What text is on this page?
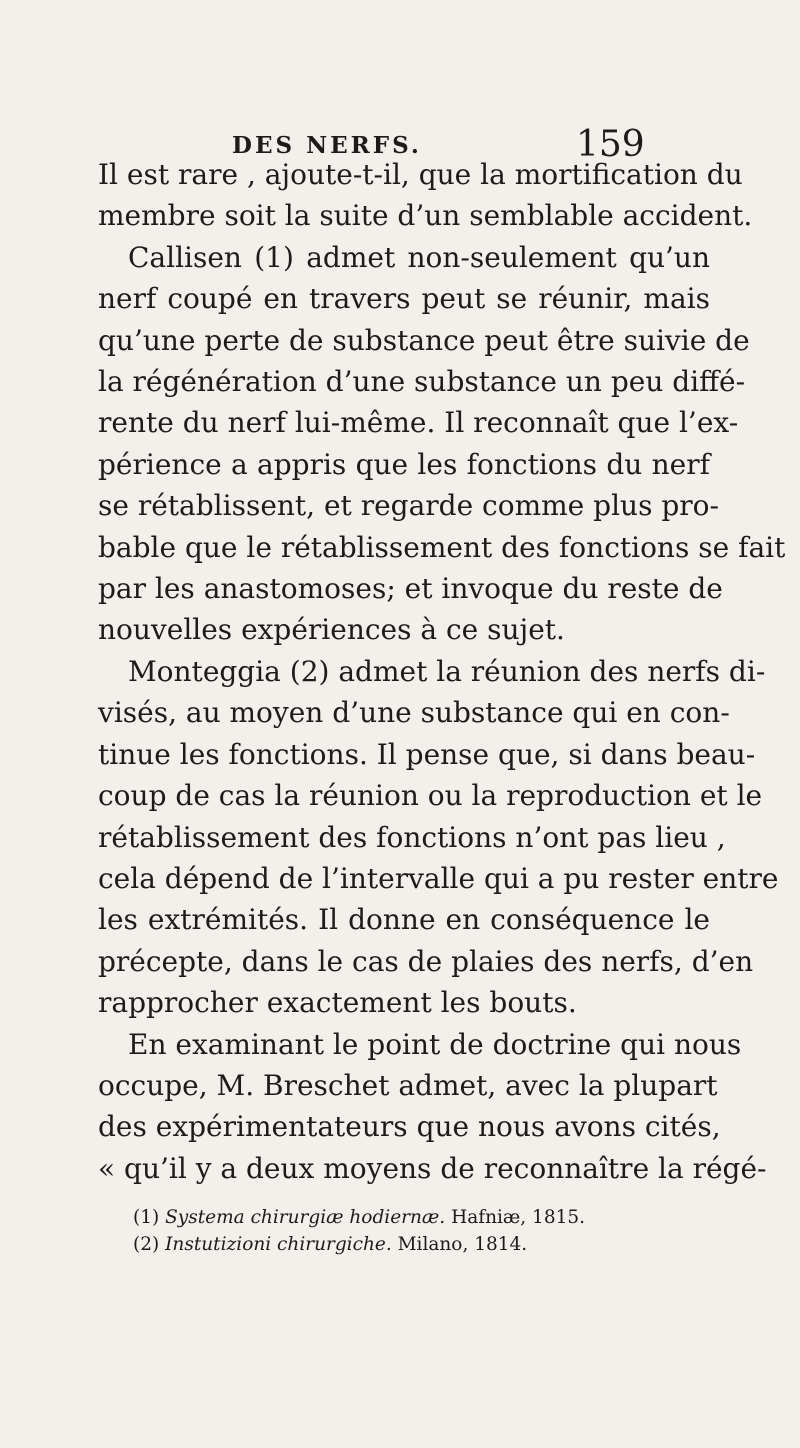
DES NERFS.	159
Il est rare , ajoute-t-il, que la mortification du
membre soit la suite d’un semblable accident.
Callisen (1) admet non-seulement qu’un
nerf coupé en travers peut se réunir, mais
qu’une perte de substance peut être suivie de
la régénération d’une substance un peu diffé-
rente du nerf lui-même. Il reconnaît que l’ex-
périence a appris que les fonctions du nerf
se rétablissent, et regarde comme plus pro-
bable que le rétablissement des fonctions se fait
par les anastomoses; et invoque du reste de
nouvelles expériences à ce sujet.
Monteggia (2) admet la réunion des nerfs di-
visés, au moyen d’une substance qui en con-
tinue les fonctions. Il pense que, si dans beau-
coup de cas la réunion ou la reproduction et le
rétablissement des fonctions n’ont pas lieu ,
cela dépend de l’intervalle qui a pu rester entre
les extrémités. Il donne en conséquence le
précepte, dans le cas de plaies des nerfs, d’en
rapprocher exactement les bouts.
En examinant le point de doctrine qui nous
occupe, M. Breschet admet, avec la plupart
des expérimentateurs que nous avons cités,
« qu’il y a deux moyens de reconnaître la régé-
(1) Systema chirurgiæ hodiernæ. Hafniæ, 1815.
(2) Instutizioni chirurgiche. Milano, 1814.
